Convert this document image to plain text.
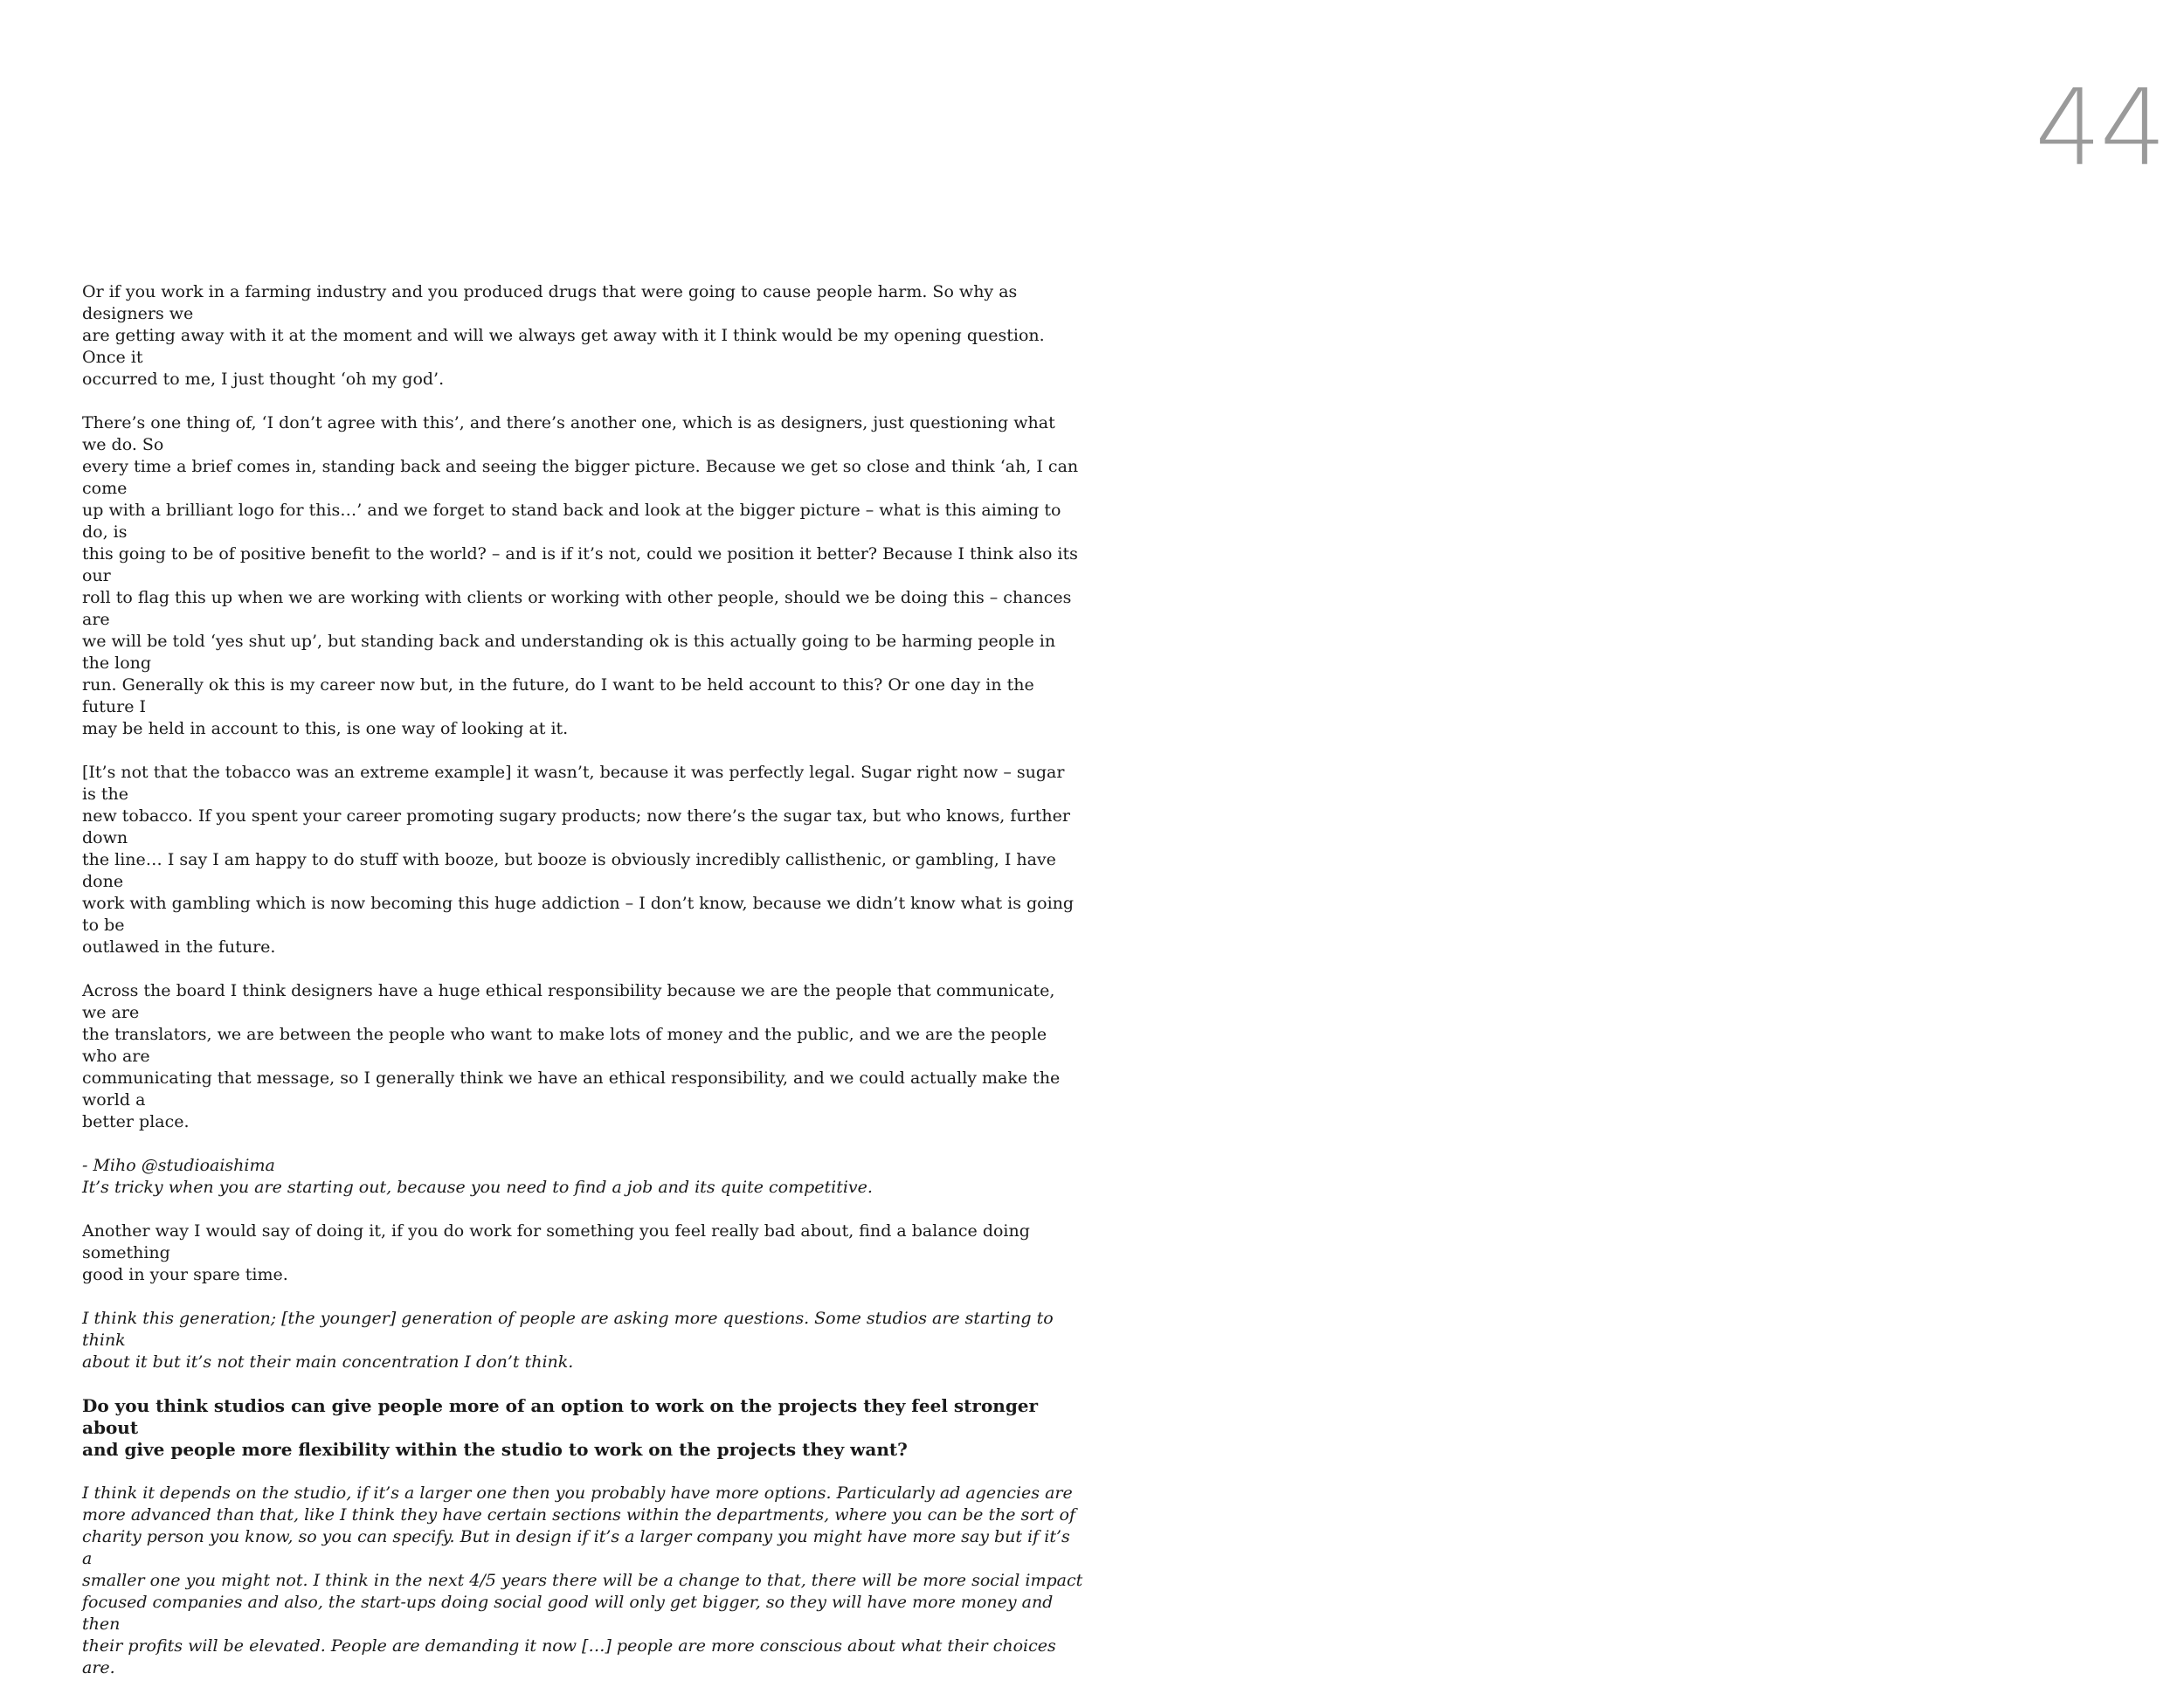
44

Or if you work in a farming industry and you produced drugs that were going to cause people harm. So why as designers we
are getting away with it at the moment and will we always get away with it I think would be my opening question. Once it
occurred to me, I just thought ‘oh my god’.

There’s one thing of, ‘I don’t agree with this’, and there’s another one, which is as designers, just questioning what we do. So
every time a brief comes in, standing back and seeing the bigger picture. Because we get so close and think ‘ah, I can come
up with a brilliant logo for this…’ and we forget to stand back and look at the bigger picture – what is this aiming to do, is
this going to be of positive benefit to the world? – and is if it’s not, could we position it better? Because I think also its our
roll to flag this up when we are working with clients or working with other people, should we be doing this – chances are
we will be told ‘yes shut up’, but standing back and understanding ok is this actually going to be harming people in the long
run. Generally ok this is my career now but, in the future, do I want to be held account to this? Or one day in the future I
may be held in account to this, is one way of looking at it.

[It’s not that the tobacco was an extreme example] it wasn’t, because it was perfectly legal. Sugar right now – sugar is the
new tobacco. If you spent your career promoting sugary products; now there’s the sugar tax, but who knows, further down
the line… I say I am happy to do stuff with booze, but booze is obviously incredibly callisthenic, or gambling, I have done
work with gambling which is now becoming this huge addiction – I don’t know, because we didn’t know what is going to be
outlawed in the future.

Across the board I think designers have a huge ethical responsibility because we are the people that communicate, we are
the translators, we are between the people who want to make lots of money and the public, and we are the people who are
communicating that message, so I generally think we have an ethical responsibility, and we could actually make the world a
better place.

- Miho @studioaishima
It’s tricky when you are starting out, because you need to find a job and its quite competitive.

Another way I would say of doing it, if you do work for something you feel really bad about, find a balance doing something
good in your spare time.

I think this generation; [the younger] generation of people are asking more questions. Some studios are starting to think
about it but it’s not their main concentration I don’t think.

Do you think studios can give people more of an option to work on the projects they feel stronger about
and give people more flexibility within the studio to work on the projects they want?

I think it depends on the studio, if it’s a larger one then you probably have more options. Particularly ad agencies are
more advanced than that, like I think they have certain sections within the departments, where you can be the sort of
charity person you know, so you can specify. But in design if it’s a larger company you might have more say but if it’s a
smaller one you might not. I think in the next 4/5 years there will be a change to that, there will be more social impact
focused companies and also, the start-ups doing social good will only get bigger, so they will have more money and then
their profits will be elevated. People are demanding it now […] people are more conscious about what their choices are.
